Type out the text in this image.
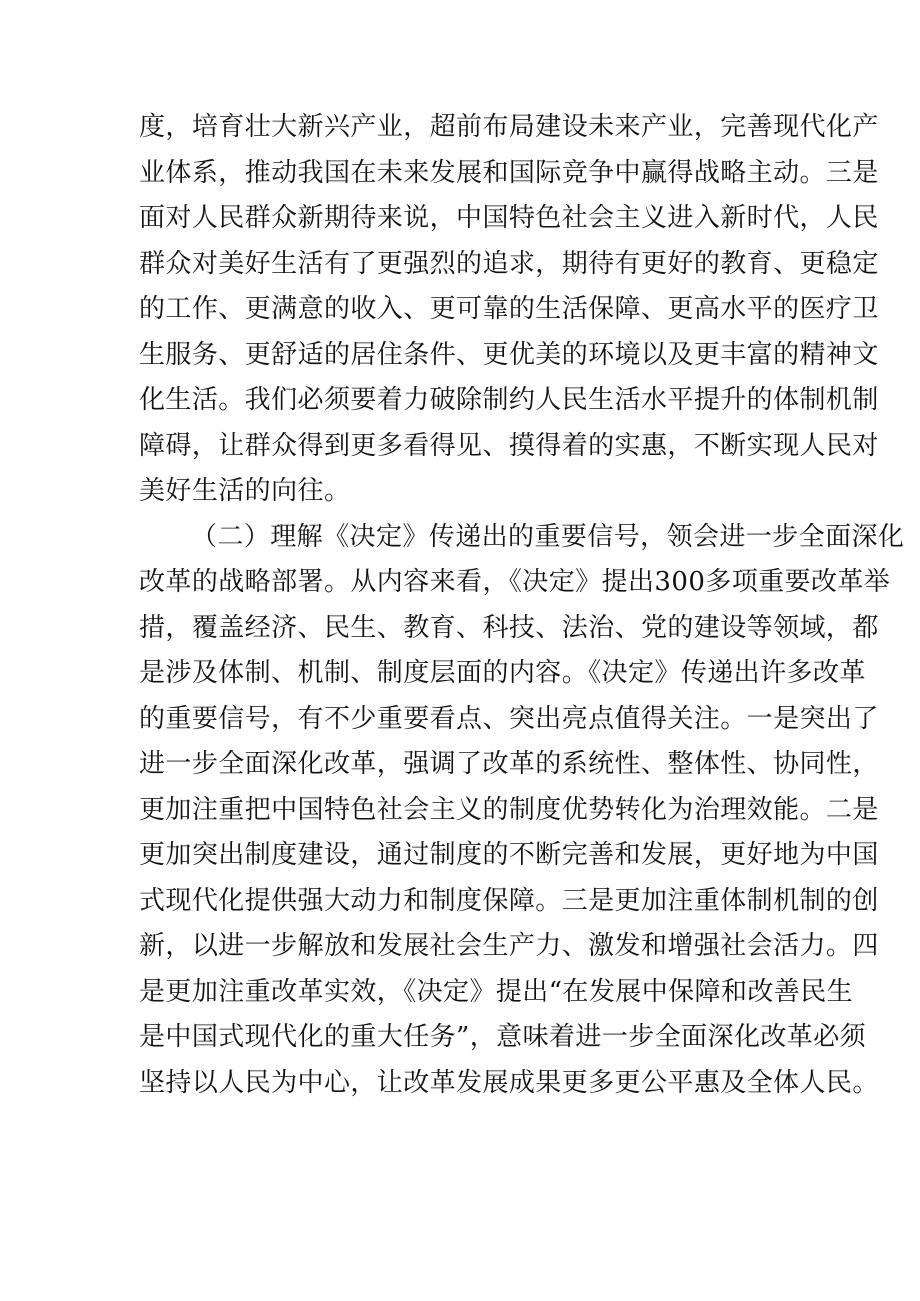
度，培育壮大新兴产业，超前布局建设未来产业，完善现代化产
业体系，推动我国在未来发展和国际竞争中赢得战略主动。三是
面对人民群众新期待来说，中国特色社会主义进入新时代，人民
群众对美好生活有了更强烈的追求，期待有更好的教育、更稳定
的工作、更满意的收入、更可靠的生活保障、更高水平的医疗卫
生服务、更舒适的居住条件、更优美的环境以及更丰富的精神文
化生活。我们必须要着力破除制约人民生活水平提升的体制机制
障碍，让群众得到更多看得见、摸得着的实惠，不断实现人民对
美好生活的向往。
（二）理解《决定》传递出的重要信号，领会进一步全面深化
改革的战略部署。从内容来看，《决定》提出300多项重要改革举
措，覆盖经济、民生、教育、科技、法治、党的建设等领域，都
是涉及体制、机制、制度层面的内容。《决定》传递出许多改革
的重要信号，有不少重要看点、突出亮点值得关注。一是突出了
进一步全面深化改革，强调了改革的系统性、整体性、协同性，
更加注重把中国特色社会主义的制度优势转化为治理效能。二是
更加突出制度建设，通过制度的不断完善和发展，更好地为中国
式现代化提供强大动力和制度保障。三是更加注重体制机制的创
新，以进一步解放和发展社会生产力、激发和增强社会活力。四
是更加注重改革实效，《决定》提出“在发展中保障和改善民生
是中国式现代化的重大任务”，意味着进一步全面深化改革必须
坚持以人民为中心，让改革发展成果更多更公平惠及全体人民。
